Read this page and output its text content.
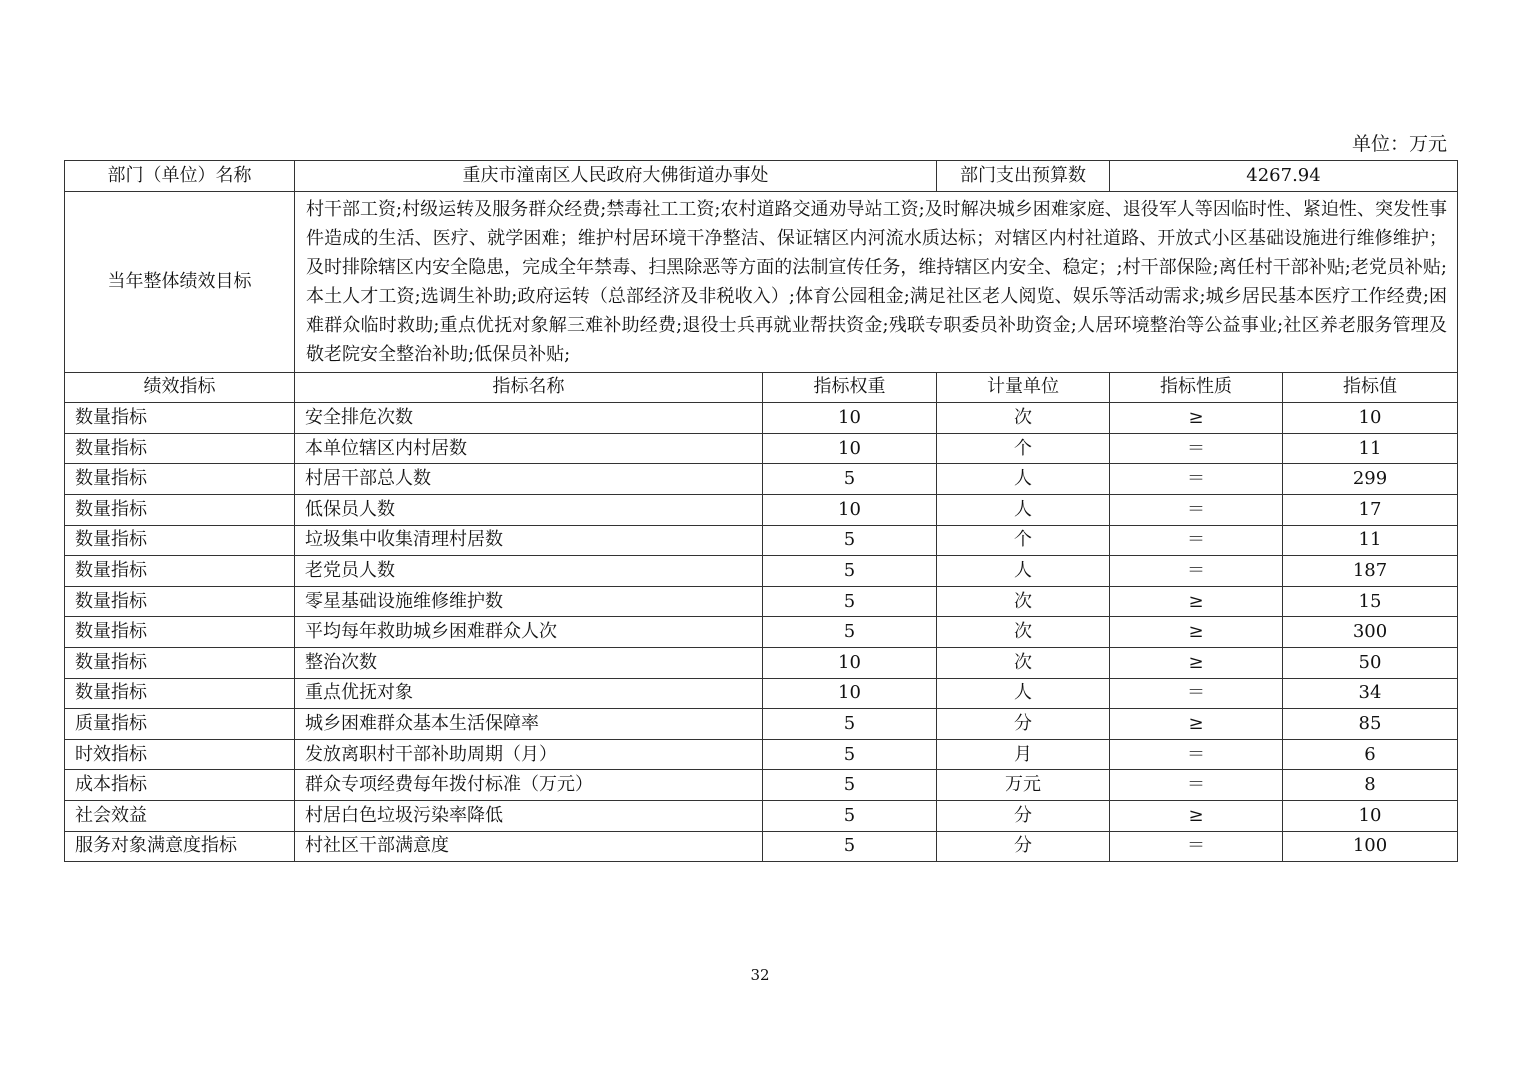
单位：万元
部门（单位）名称	重庆市潼南区人民政府大佛街道办事处		部门支出预算数	4267.94	
当年整体绩效目标	村干部工资;村级运转及服务群众经费;禁毒社工工资;农村道路交通劝导站工资;及时解决城乡困难家庭、退役军人等因临时性、紧迫性、突发性事件造成的生活、医疗、就学困难；维护村居环境干净整洁、保证辖区内河流水质达标；对辖区内村社道路、开放式小区基础设施进行维修维护；及时排除辖区内安全隐患，完成全年禁毒、扫黑除恶等方面的法制宣传任务，维持辖区内安全、稳定；;村干部保险;离任村干部补贴;老党员补贴;本土人才工资;选调生补助;政府运转（总部经济及非税收入）;体育公园租金;满足社区老人阅览、娱乐等活动需求;城乡居民基本医疗工作经费;困难群众临时救助;重点优抚对象解三难补助经费;退役士兵再就业帮扶资金;残联专职委员补助资金;人居环境整治等公益事业;社区养老服务管理及敬老院安全整治补助;低保员补贴;				
绩效指标	指标名称	指标权重	计量单位	指标性质	指标值
数量指标	安全排危次数	10	次	≥	10
数量指标	本单位辖区内村居数	10	个	＝	11
数量指标	村居干部总人数	5	人	＝	299
数量指标	低保员人数	10	人	＝	17
数量指标	垃圾集中收集清理村居数	5	个	＝	11
数量指标	老党员人数	5	人	＝	187
数量指标	零星基础设施维修维护数	5	次	≥	15
数量指标	平均每年救助城乡困难群众人次	5	次	≥	300
数量指标	整治次数	10	次	≥	50
数量指标	重点优抚对象	10	人	＝	34
质量指标	城乡困难群众基本生活保障率	5	分	≥	85
时效指标	发放离职村干部补助周期（月）	5	月	＝	6
成本指标	群众专项经费每年拨付标准（万元）	5	万元	＝	8
社会效益	村居白色垃圾污染率降低	5	分	≥	10
服务对象满意度指标	村社区干部满意度	5	分	＝	100
32
